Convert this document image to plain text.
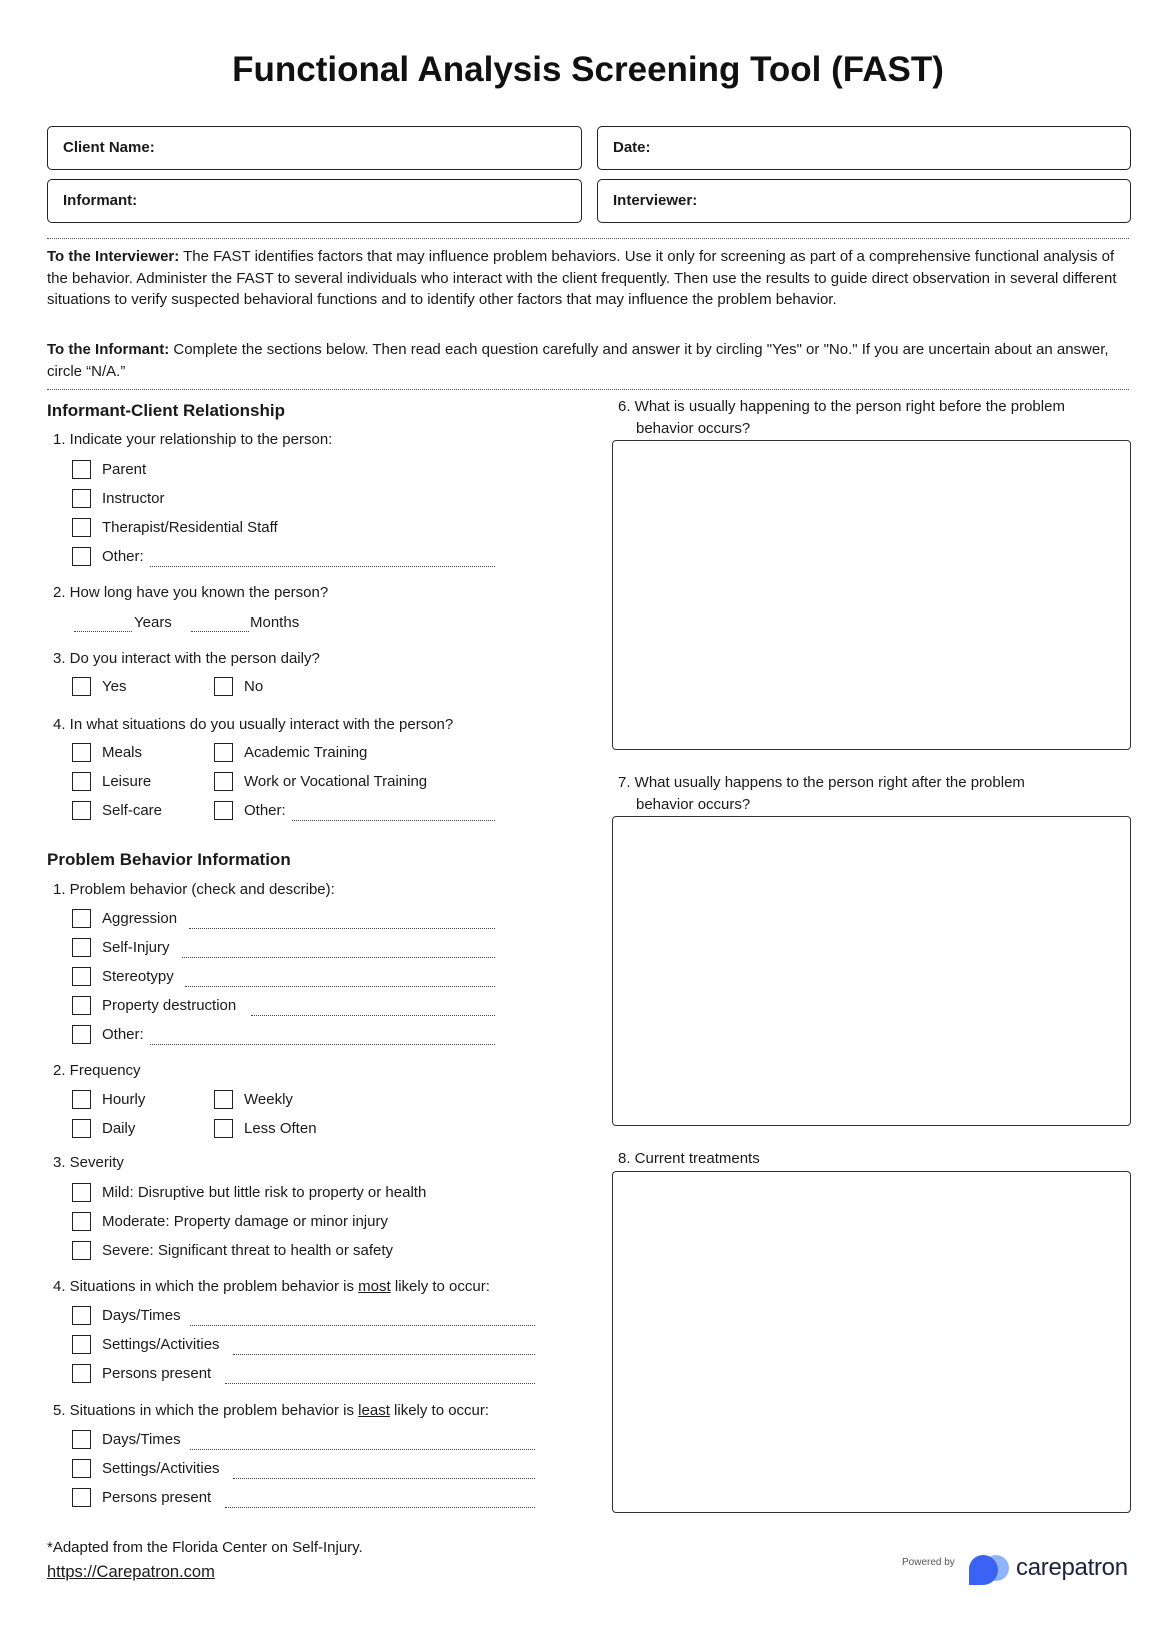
Functional Analysis Screening Tool (FAST)
Client Name:	Date:
Informant:	Interviewer:
To the Interviewer: The FAST identifies factors that may influence problem behaviors. Use it only for screening as part of a comprehensive functional analysis of the behavior. Administer the FAST to several individuals who interact with the client frequently. Then use the results to guide direct observation in several different situations to verify suspected behavioral functions and to identify other factors that may influence the problem behavior.
To the Informant: Complete the sections below. Then read each question carefully and answer it by circling "Yes" or "No." If you are uncertain about an answer, circle “N/A.”
Informant-Client Relationship
1. Indicate your relationship to the person:
Parent
Instructor
Therapist/Residential Staff
Other:
2. How long have you known the person?
Years	Months
3. Do you interact with the person daily?
Yes	No
4. In what situations do you usually interact with the person?
Meals	Academic Training
Leisure	Work or Vocational Training
Self-care	Other:
Problem Behavior Information
1. Problem behavior (check and describe):
Aggression
Self-Injury
Stereotypy
Property destruction
Other:
2. Frequency
Hourly	Weekly
Daily	Less Often
3. Severity
Mild: Disruptive but little risk to property or health
Moderate: Property damage or minor injury
Severe: Significant threat to health or safety
4. Situations in which the problem behavior is most likely to occur:
Days/Times
Settings/Activities
Persons present
5. Situations in which the problem behavior is least likely to occur:
Days/Times
Settings/Activities
Persons present
6. What is usually happening to the person right before the problem
behavior occurs?
7. What usually happens to the person right after the problem
behavior occurs?
8. Current treatments
*Adapted from the Florida Center on Self-Injury.
https://Carepatron.com
Powered by	carepatron
